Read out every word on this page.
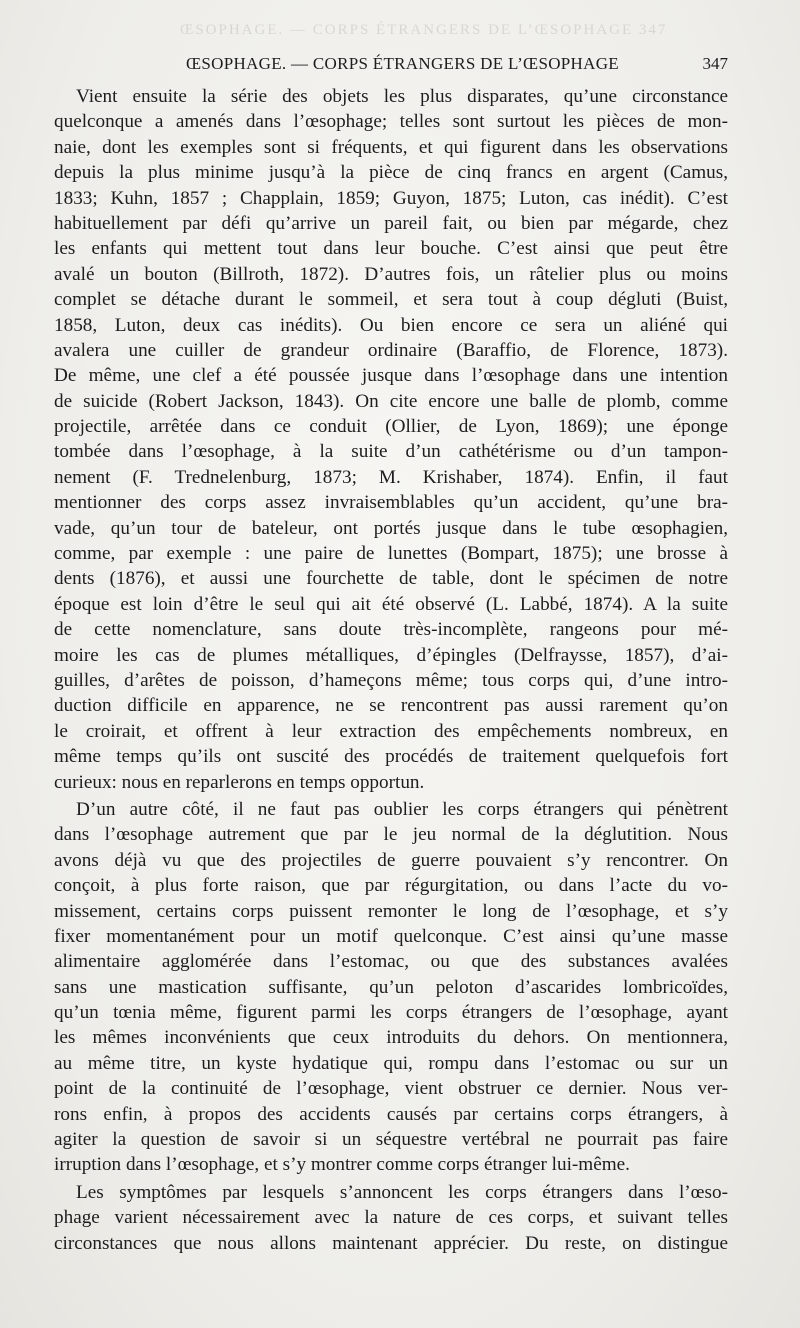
ŒSOPHAGE. — CORPS ÉTRANGERS DE L’ŒSOPHAGE 347
ŒSOPHAGE. — CORPS ÉTRANGERS DE L’ŒSOPHAGE	347
Vient ensuite la série des objets les plus disparates, qu’une circonstance
quelconque a amenés dans l’œsophage; telles sont surtout les pièces de mon-
naie, dont les exemples sont si fréquents, et qui figurent dans les observations
depuis la plus minime jusqu’à la pièce de cinq francs en argent (Camus,
1833; Kuhn, 1857 ; Chapplain, 1859; Guyon, 1875; Luton, cas inédit). C’est
habituellement par défi qu’arrive un pareil fait, ou bien par mégarde, chez
les enfants qui mettent tout dans leur bouche. C’est ainsi que peut être
avalé un bouton (Billroth, 1872). D’autres fois, un râtelier plus ou moins
complet se détache durant le sommeil, et sera tout à coup dégluti (Buist,
1858, Luton, deux cas inédits). Ou bien encore ce sera un aliéné qui
avalera une cuiller de grandeur ordinaire (Baraffio, de Florence, 1873).
De même, une clef a été poussée jusque dans l’œsophage dans une intention
de suicide (Robert Jackson, 1843). On cite encore une balle de plomb, comme
projectile, arrêtée dans ce conduit (Ollier, de Lyon, 1869); une éponge
tombée dans l’œsophage, à la suite d’un cathétérisme ou d’un tampon-
nement (F. Trednelenburg, 1873; M. Krishaber, 1874). Enfin, il faut
mentionner des corps assez invraisemblables qu’un accident, qu’une bra-
vade, qu’un tour de bateleur, ont portés jusque dans le tube œsophagien,
comme, par exemple : une paire de lunettes (Bompart, 1875); une brosse à
dents (1876), et aussi une fourchette de table, dont le spécimen de notre
époque est loin d’être le seul qui ait été observé (L. Labbé, 1874). A la suite
de cette nomenclature, sans doute très-incomplète, rangeons pour mé-
moire les cas de plumes métalliques, d’épingles (Delfraysse, 1857), d’ai-
guilles, d’arêtes de poisson, d’hameçons même; tous corps qui, d’une intro-
duction difficile en apparence, ne se rencontrent pas aussi rarement qu’on
le croirait, et offrent à leur extraction des empêchements nombreux, en
même temps qu’ils ont suscité des procédés de traitement quelquefois fort
curieux: nous en reparlerons en temps opportun.
D’un autre côté, il ne faut pas oublier les corps étrangers qui pénètrent
dans l’œsophage autrement que par le jeu normal de la déglutition. Nous
avons déjà vu que des projectiles de guerre pouvaient s’y rencontrer. On
conçoit, à plus forte raison, que par régurgitation, ou dans l’acte du vo-
missement, certains corps puissent remonter le long de l’œsophage, et s’y
fixer momentanément pour un motif quelconque. C’est ainsi qu’une masse
alimentaire agglomérée dans l’estomac, ou que des substances avalées
sans une mastication suffisante, qu’un peloton d’ascarides lombricoïdes,
qu’un tœnia même, figurent parmi les corps étrangers de l’œsophage, ayant
les mêmes inconvénients que ceux introduits du dehors. On mentionnera,
au même titre, un kyste hydatique qui, rompu dans l’estomac ou sur un
point de la continuité de l’œsophage, vient obstruer ce dernier. Nous ver-
rons enfin, à propos des accidents causés par certains corps étrangers, à
agiter la question de savoir si un séquestre vertébral ne pourrait pas faire
irruption dans l’œsophage, et s’y montrer comme corps étranger lui-même.
Les symptômes par lesquels s’annoncent les corps étrangers dans l’œso-
phage varient nécessairement avec la nature de ces corps, et suivant telles
circonstances que nous allons maintenant apprécier. Du reste, on distingue
